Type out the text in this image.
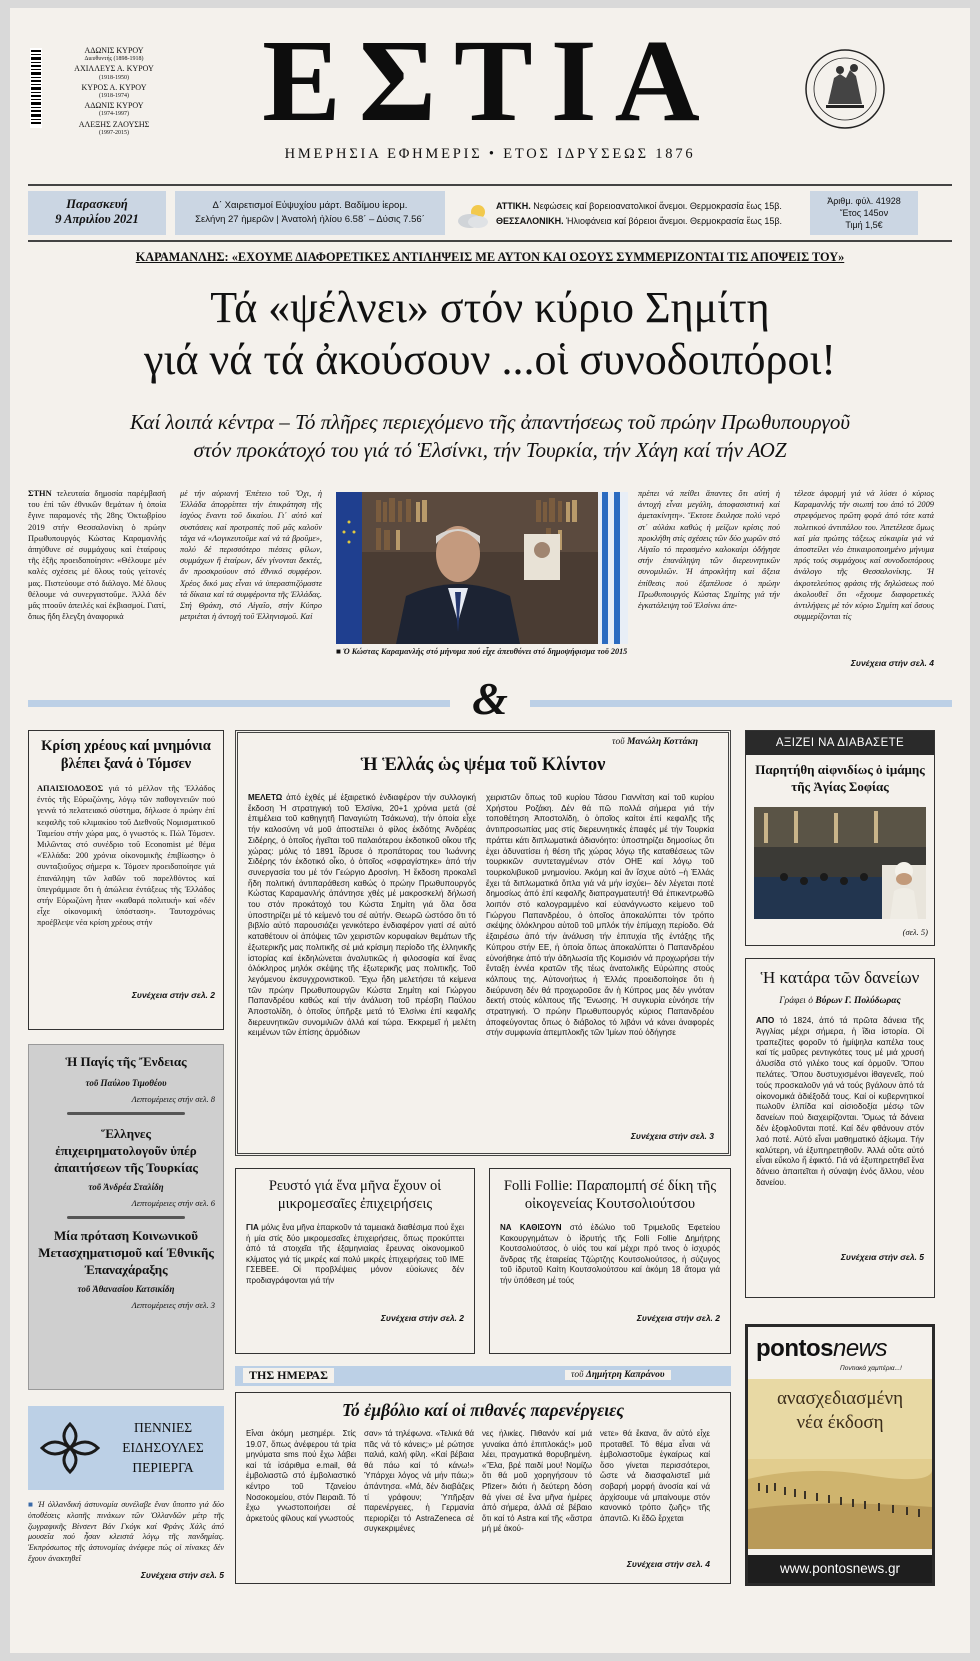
ΑΔΩΝΙΣ ΚΥΡΟΥ
Διευθυντής (1898-1918)
ΑΧΙΛΛΕΥΣ Α. ΚΥΡΟΥ
(1918-1950)
ΚΥΡΟΣ Α. ΚΥΡΟΥ
(1918-1974)
ΑΔΩΝΙΣ ΚΥΡΟΥ
(1974-1997)
ΑΛΕΞΗΣ ΖΑΟΥΣΗΣ
(1997-2015)	ΕΣΤΙΑ
ΗΜΕΡΗΣΙΑ ΕΦΗΜΕΡΙΣ • ΕΤΟΣ ΙΔΡΥΣΕΩΣ 1876
Παρασκευή
9 Απριλίου 2021
Δ΄ Χαιρετισμοί Εὐψυχίου μάρτ. Βαδίμου ἱερομ.
Σελήνη 27 ἡμερῶν | Ἀνατολή ἡλίου 6.58΄ – Δύσις 7.56΄
ΑΤΤΙΚΗ. Νεφώσεις καί βορειοανατολικοί ἄνεμοι. Θερμοκρασία ἕως 15β.
ΘΕΣΣΑΛΟΝΙΚΗ. Ἡλιοφάνεια καί βόρειοι ἄνεμοι. Θερμοκρασία ἕως 15β.
Ἀριθμ. φύλ. 41928
Ἔτος 145ον
Τιμή 1,5€
ΚΑΡΑΜΑΝΛΗΣ: «ΕΧΟΥΜΕ ΔΙΑΦΟΡΕΤΙΚΕΣ ΑΝΤΙΛΗΨΕΙΣ ΜΕ ΑΥΤΟΝ ΚΑΙ ΟΣΟΥΣ ΣΥΜΜΕΡΙΖΟΝΤΑΙ ΤΙΣ ΑΠΟΨΕΙΣ ΤΟΥ»
Τά «ψέλνει» στόν κύριο Σημίτη
γιά νά τά ἀκούσουν ...οἱ συνοδοιπόροι!
Καί λοιπά κέντρα – Τό πλῆρες περιεχόμενο τῆς ἀπαντήσεως τοῦ πρώην Πρωθυπουργοῦ
στόν προκάτοχό του γιά τό Ἑλσίνκι, τήν Τουρκία, τήν Χάγη καί τήν ΑΟΖ
ΣΤΗΝ τελευταία δημοσία παρέμβασή του ἐπί τῶν ἐθνικῶν θεμάτων ἡ ὁποία ἔγινε παραμονές τῆς 28ης Ὀκτωβρίου 2019 στήν Θεσσαλονίκη ὁ πρώην Πρωθυπουργός Κώστας Καραμανλής ἀπηύθυνε σέ συμμάχους καί ἑταίρους τῆς ἑξῆς προειδοποίησιν: «Θέλουμε μέν καλές σχέσεις μέ ὅλους τούς γείτονές μας. Πιστεύουμε στό διάλογο. Μέ ὅλους θέλουμε νά συνεργαστοῦμε. Ἀλλά δέν μᾶς πτοοῦν ἀπειλές καί ἐκβιασμοί. Γιατί, ὅπως ἤδη ἔλεγξη ἀναφορικά
μέ τήν αὐριανή Ἐπέτειο τοῦ Ὄχι, ἡ Ἑλλάδα ἀπορρίπτει τήν ἐπικράτηση τῆς ἰσχύος ἔναντι τοῦ δικαίου. Γι΄ αὐτό καί συστάσεις καί προτροπές ποῦ μᾶς καλοῦν τάχα νά «Λογικευτοῦμε καί νά τά βροῦμε», πολύ δέ περισσότερο πιέσεις φίλων, συμμάχων ἤ ἑταίρων, δέν γίνονται δεκτές, ἄν προσκρούουν στό ἐθνικό συμφέρον. Χρέος δικό μας εἶναι νά ὑπερασπιζόμαστε τά δίκαια καί τά συμφέροντα τῆς Ἑλλάδας. Στή Θράκη, στό Αἰγαῖο, στήν Κύπρο μετριέται ἡ ἀντοχή τοῦ Ἑλληνισμοῦ. Καί
■ Ὁ Κώστας Καραμανλής στό μήνυμα πού εἶχε ἀπευθύνει στό δημοψήφισμα τοῦ 2015
πρέπει νά πείθει ἅπαντες ὅτι αὐτή ἡ ἀντοχή εἶναι μεγάλη, ἀποφασιστική καί ἀμετακίνητη». Ἔκτοτε ἔκυλησε πολύ νερό στ΄ αὐλάκι καθώς ἡ μείζων κρίσις πού προκλήθη στίς σχέσεις τῶν δύο χωρῶν στό Αἰγαῖο τό περασμένο καλοκαίρι ὁδήγησε στήν ἐπανάληψη τῶν διερευνητικῶν συνομιλιῶν. Ἡ ἀπροκλήτη καί ἄξεια ἐπίθεσις πού ἐξαπέλυσε ὁ πρώην Πρωθυπουργός Κώστας Σημίτης γιά τήν ἐγκατάλειψη τοῦ Ἑλσίνκι ἀπε-
τέλεσε ἀφορμή γιά νά λύσει ὁ κύριος Καραμανλής τήν σιωπή του ἀπό τό 2009 στρεφόμενος πρῶτη φορά ἀπό τότε κατά πολιτικού ἀντιπάλου του. Ἀπετέλεσε ὅμως καί μία πρώτης τάξεως εὐκαιρία γιά νά ἀποστείλει νέο ἐπικαιροποιημένο μήνυμα πρός τούς συμμάχους καί συνοδοιπόρους ἀνάλογο τῆς Θεσσαλονίκης. Ἡ ἀκροτελεύτιος φράσις τῆς δηλώσεως πού ἀκολουθεῖ ὅτι «ἔχουμε διαφορετικές ἀντιλήψεις μέ τόν κύριο Σημίτη καί ὅσους συμμερίζονται τίς
Συνέχεια στήν σελ. 4
&
Κρίση χρέους καί μνημόνια βλέπει ξανά ὁ Τόμσεν
ΑΠΑΙΣΙΟΔΟΞΟΣ γιά τό μέλλον τῆς Ἑλλάδος ἐντός τῆς Εὐρωζώνης, λόγῳ τῶν παθογενειῶν πού γεννά τό πελατειακό σύστημα, δήλωσε ὁ πρώην ἐπί κεφαλῆς τοῦ κλιμακίου τοῦ Διεθνοῦς Νομισματικοῦ Ταμείου στήν χώρα μας, ὁ γνωστός κ. Πώλ Τόμσεν. Μιλῶντας στό συνέδριο τοῦ Economist μέ θέμα «Ἑλλάδα: 200 χρόνια οἰκονομικῆς ἐπιβίωσης» ὁ συνταξιοῦχος σήμερα κ. Τόμσεν προειδοποίησε γιά ἐπανάληψη τῶν λαθῶν τοῦ παρελθόντος καί ὑπεγράμμισε ὅτι ἡ ἀπώλεια ἐντάξεως τῆς Ἑλλάδος στήν Εὐρωζώνη ἦταν «καθαρά πολιτική» καί «δέν εἶχε οἰκονομική ὑπόσταση». Ταυτοχρόνως προέβλεψε νέα κρίση χρέους στήν
Συνέχεια στήν σελ. 2
τοῦ Μανώλη Κοττάκη
Ἡ Ἑλλάς ὡς ψέμα τοῦ Κλίντον
ΜΕΛΕΤΩ ἀπό ἐχθές μέ ἐξαιρετικό ἐνδιαφέρον τήν συλλογική ἔκδοση Ἡ στρατηγική τοῦ Ἑλσίνκι, 20+1 χρόνια μετά (σέ ἐπιμέλεια τοῦ καθηγητῆ Παναγιώτη Τσάκωνα), τήν ὁποία εἶχε τήν καλοσύνη νά μοῦ ἀποστείλει ὁ φίλος ἐκδότης Ἀνδρέας Σιδέρης, ὁ ὁποῖος ἡγεῖται τοῦ παλαιότερου ἐκδοτικοῦ οἴκου τῆς χώρας: μόλις τό 1891 ἵδρυσε ὁ προπάτορας του Ἰωάννης Σιδέρης τόν ἐκδοτικό οἶκο, ὁ ὁποῖος «σφραγίστηκε» ἀπό τήν συνεργασία του μέ τόν Γεώργιο Δροσίνη. Ἡ ἔκδοση προκαλεῖ ἤδη πολιτική ἀντιπαράθεση καθώς ὁ πρώην Πρωθυπουργός Κώστας Καραμανλής ἀπάντησε χθές μέ μακροσκελή δήλωσή του στόν προκάτοχό του Κώστα Σημίτη γιά ὅλα ὅσα ὑποστηρίζει μέ τό κείμενό του σέ αὐτήν. Θεωρῶ ὡστόσο ὅτι τό βιβλίο αὐτό παρουσιάζει γενικότερο ἐνδιαφέρον γιατί σέ αὐτό καταθέτουν οἱ ἀπόψεις τῶν χειριστῶν κορυφαίων θεμάτων τῆς ἐξωτερικῆς μας πολιτικῆς σέ μιά κρίσιμη περίοδο τῆς ἑλληνικῆς ἱστορίας καί ἐκδηλώνεται ἀναλυτικῶς ἡ φιλοσοφία καί ἕνας ὁλόκληρος μηλόκ σκέψης τῆς ἐξωτερικῆς μας πολιτικῆς. Τοῦ λεγόμενου ἐκσυγχρονιστικοῦ. Ἔχω ἤδη μελετήσει τά κείμενα τῶν πρώην Πρωθυπουργῶν Κώστα Σημίτη καί Γιώργου Παπανδρέου καθώς καί τήν ἀνάλυση τοῦ πρέσβη Παύλου Ἀποστολίδη, ὁ ὁποῖος ὑπῆρξε μετά τό Ἑλσίνκι ἐπί κεφαλῆς διερευνητικῶν συνομιλιῶν ἀλλά καί τώρα. Ἐκκρεμεῖ ἡ μελέτη κειμένων τῶν ἐπίσης ἁρμόδιων
χειριστῶν ὅπως τοῦ κυρίου Τάσου Γιαννίτση καί τοῦ κυρίου Χρήστου Ροζάκη. Δέν θά πῶ πολλά σήμερα γιά τήν τοποθέτηση Ἀποστολίδη, ὁ ὁποῖος καίτοι ἐπί κεφαλῆς τῆς ἀντιπροσωπίας μας στίς διερευνητικές ἐπαφές μέ τήν Τουρκία πράττει κάτι διπλωματικά ἀδιανόητο: ὑποστηρίζει δημοσίως ὅτι ἐχει ἀδυνατίσει ἡ θέση τῆς χώρας λόγῳ τῆς καταθέσεως τῶν τουρκικῶν συντεταγμένων στόν ΟΗΕ καί λόγῳ τοῦ τουρκολιβυκοῦ μνημονίου. Ἀκόμη καί ἄν ἴσχυε αὐτό –ἡ Ἑλλάς ἔχει τά διπλωματικά ὅπλα γιά νά μήν ἰσχύει– δέν λέγεται ποτέ δημοσίως ἀπό ἐπί κεφαλῆς διαπραγματευτή! Θά ἐπικεντρωθῶ λοιπόν στό καλογραμμένο καί εὐανάγνωστο κείμενο τοῦ Γιώργου Παπανδρέου, ὁ ὁποῖος ἀποκαλύπτει τόν τρόπο σκέψης ὁλόκληρου αὐτοῦ τοῦ μπλόκ τήν ἐπίμαχη περίοδο. Θά ἐξαιρέσω ἀπό τήν ἀνάλυση τήν ἐπιτυχία τῆς ἐντάξης τῆς Κύπρου στήν ΕΕ, ἡ ὁποία ὅπως ἀποκαλύπτει ὁ Παπανδρέου εὐνοήθηκε ἀπό τήν ἀδηλωσία τῆς Κομισιόν νά προχωρήσει τήν ἔνταξη ἐννέα κρατῶν τῆς τέως ἀνατολικῆς Εὐρώπης στούς κόλπους της. Αὐτονοήτως ἡ Ἑλλάς προειδοποίησε ὅτι ἡ διεύρυνση δέν θά προχωροῦσε ἄν ἡ Κύπρος μας δέν γινόταν δεκτή στούς κόλπους τῆς Ἕνωσης. Ἡ συγκυρία εὐνόησε τήν στρατηγική. Ὁ πρώην Πρωθυπουργός κύριος Παπανδρέου ἀποφεύγοντας ὅπως ὁ διάβολος τό λιβάνι νά κάνει ἀναφορές στήν συμφωνία ἀπεμπλοκῆς τῶν Ἰμίων πού ὁδήγησε
Συνέχεια στήν σελ. 3
ΑΞΙΖΕΙ ΝΑ ΔΙΑΒΑΣΕΤΕ
Παρητήθη αἰφνιδίως ὁ ἰμάμης τῆς Ἁγίας Σοφίας
(σελ. 5)
Ἡ κατάρα τῶν δανείων
Γράφει ὁ Βύρων Γ. Πολύδωρας
ΑΠΟ τό 1824, ἀπό τά πρῶτα δάνεια τῆς Ἀγγλίας μέχρι σήμερα, ἡ ἴδια ἱστορία. Οἱ τραπεζίτες φοροῦν τό ἡμίψηλα καπέλα τους καί τίς μαῦρες ρεντιγκότες τους μέ μιά χρυσή ἀλυσίδα στό γιλέκο τους καί ὁρμοῦν. Ὅπου πελάτες. Ὅπου δυστυχισμένοι ἰθαγενεῖς, πού τούς προσκαλοῦν γιά νά τούς βγάλουν ἀπό τά οἰκονομικά ἀδιέξοδά τους. Καί οἱ κυβερνητικοί πωλοῦν ἐλπίδα καί αἰσιοδοξία μέσῳ τῶν δανείων πού διαχειρίζονται. Ὅμως τά δάνεια δέν ἐξοφλοῦνται ποτέ. Καί δέν φθάνουν στόν λαό ποτέ. Αὐτό εἶναι μαθηματικό ἀξίωμα. Τήν καλύτερη, νά ἐξυπηρετηθοῦν. Ἀλλά οὔτε αὐτό εἶναι εὔκολο ἤ ἐφικτό. Γιά νά ἐξυπηρετηθεῖ ἕνα δάνειο ἀπαιτεῖται ἡ σύναψη ἑνός ἄλλου, νέου δανείου.
Συνέχεια στήν σελ. 5
Ἡ Παγίς τῆς Ἔνδειας
τοῦ Παύλου Τιμοθέου
Λεπτομέρειες στήν σελ. 8
Ἕλληνες ἐπιχειρηματολογοῦν ὑπέρ ἀπαιτήσεων τῆς Τουρκίας
τοῦ Ἀνδρέα Σταλίδη
Λεπτομέρειες στήν σελ. 6
Μία πρόταση Κοινωνικοῦ Μετασχηματισμοῦ καί Ἐθνικῆς Ἐπαναχάραξης
τοῦ Ἀθανασίου Κατσικίδη
Λεπτομέρειες στήν σελ. 3
Ρευστό γιά ἕνα μῆνα ἔχουν οἱ μικρομεσαῖες ἐπιχειρήσεις
ΓΙΑ μόλις ἕνα μῆνα ἐπαρκοῦν τά ταμειακά διαθέσιμα πού ἔχει ἡ μία στίς δύο μικρομεσαῖες ἐπιχειρήσεις, ὅπως προκύπτει ἀπό τά στοιχεῖα τῆς ἑξαμηνιαίας ἔρευνας οἰκονομικοῦ κλίματος γιά τίς μικρές καί πολύ μικρές ἐπιχειρήσεις τοῦ ΙΜΕ ΓΣΕΒΕΕ. Οἱ προβλέψεις μόνον εὐοίωνες δέν προδιαγράφονται γιά τήν
Συνέχεια στήν σελ. 2
Folli Follie: Παραπομπή σέ δίκη τῆς οἰκογενείας Κουτσολιούτσου
ΝΑ ΚΑΘΙΣΟΥΝ στό ἑδώλιο τοῦ Τριμελοῦς Ἐφετείου Κακουργημάτων ὁ ἱδρυτής τῆς Folli Follie Δημήτρης Κουτσολιούτσος, ὁ υἱός του καί μέχρι πρό τινος ὁ ἰσχυρός ἄνδρας τῆς ἑταιρείας Τζώρτζης Κουτσολιούτσος, ἡ σύζυγος τοῦ ἱδρυτοῦ Καίτη Κουτσολιούτσου καί ἀκόμη 18 ἄτομα γιά τήν ὑπόθεση μέ τούς
Συνέχεια στήν σελ. 2
ΤΗΣ ΗΜΕΡΑΣ	τοῦ Δημήτρη Καπράνου
Τό ἐμβόλιο καί οἱ πιθανές παρενέργειες
Εἶναι ἀκόμη μεσημέρι. Στίς 19.07, ὅπως ἀνέφερου τά τρία μηνύματα sms πού ἔχω λάβει καί τά ἰσάριθμα e.mail, θά ἐμβολιαστῶ στό ἐμβολιαστικό κέντρο τοῦ Τζανείου Νοσοκομείου, στόν Πειραιᾶ. Τό ἔχω γνωστοποιήσει σέ ἀρκετούς φίλους καί γνωστούς
σαν» τά τηλέφωνα. «Τελικά θά πᾶς νά τό κάνεις;» μέ ρώτησε παλιά, καλή φίλη. «Καί βέβαια θά πάω καί τό κάνω!» Ὑπάρχει λόγος νά μήν πάω;» ἀπάντησα. «Μά, δέν διαβάζεις τί γράφουν; Ὑπῆρξαν παρενέργειες, ἡ Γερμανία περιορίζει τό AstraZeneca σέ συγκεκριμένες
νες ἡλικίες. Πιθανόν καί μιά γυναίκα ἀπό ἐπιπλοκάς!» μοῦ λέει, πραγματικά θορυβημένη. «Ἔλα, βρέ παιδί μου! Νομίζω ὅτι θά μοῦ χορηγήσουν τό Pfizer» διότι ἡ δεύτερη δόση θά γίνει σέ ἕνα μῆνα ἡμέρες ἀπό σήμερα, ἀλλά σέ βέβαιο ὅτι καί τό Astra καί τῆς «ἄστρα μή μέ ἀκού-
νετε» θά ἔκανα, ἄν αὐτό εἶχε προταθεῖ. Τό θέμα εἶναι νά ἐμβολιαστοῦμε ἐγκαίρως καί ὅσο γίνεται περισσότεροι, ὥστε νά διασφαλιστεῖ μιά σοβαρή μορφή ἀνοσία καί νά ἀρχίσουμε νά μπαίνουμε στόν κανονικό τρόπο ζωῆς» τῆς ἀπαντῶ. Κι ἔδῶ ἔρχεται
Συνέχεια στήν σελ. 4
ΠΕΝΝΙΕΣ
ΕΙΔΗΣΟΥΛΕΣ
ΠΕΡΙΕΡΓΑ
■ Ἡ ὀλλανδική ἀστυνομία συνέλαβε ἕναν ὕποπτο γιά δύο ὑποθέσεις κλοπῆς πινάκων τῶν Ὀλλανδῶν μέτρ τῆς ζωγραφικῆς Βίνσεντ Βάν Γκόγκ καί Φράνς Χάλς ἀπό μουσεῖα πού ἦσαν κλειστά λόγῳ τῆς πανδημίας. Ἐκπρόσωπος τῆς ἀστυνομίας ἀνέφερε πώς οἱ πίνακες δέν ἔχουν ἀνακτηθεῖ
Συνέχεια στήν σελ. 5
pontosnews
Ποντιακά χαμπέρια...!
ανασχεδιασμένη
νέα έκδοση
www.pontosnews.gr
